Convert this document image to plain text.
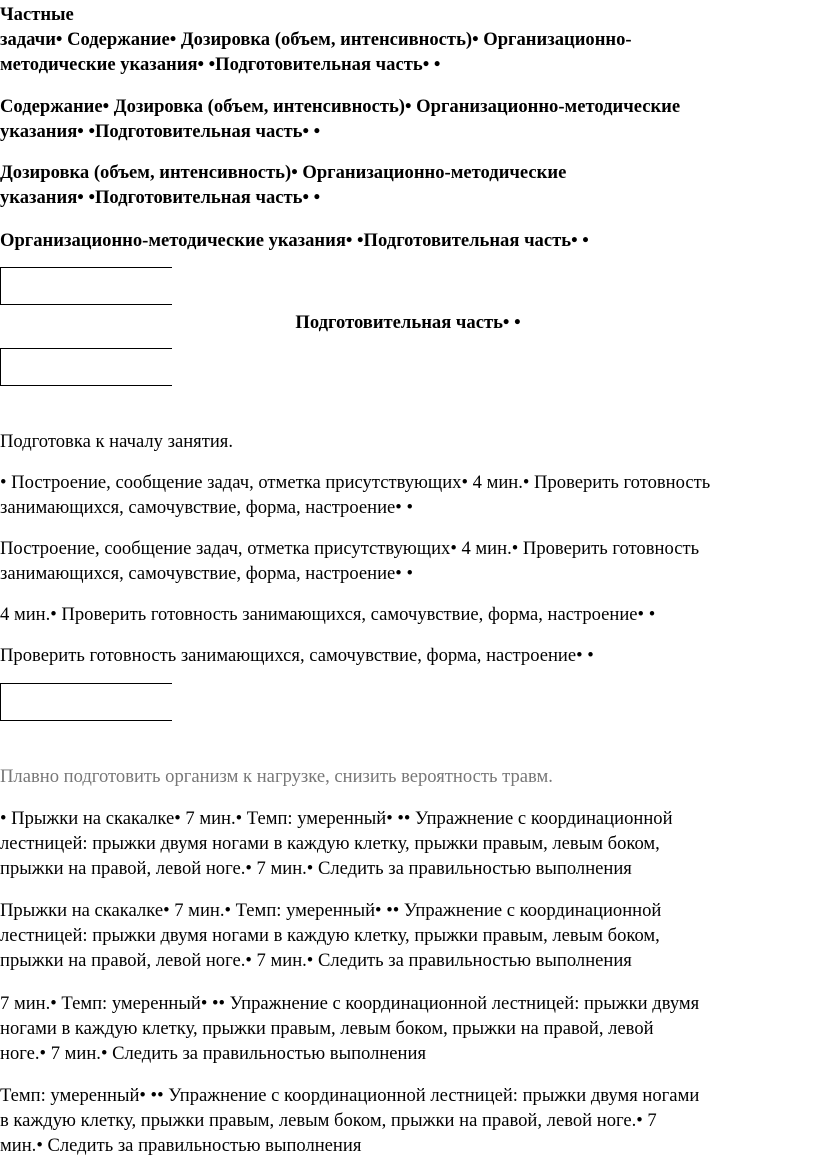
Частные
задачи• Содержание• Дозировка (объем, интенсивность)• Организационно-
методические указания• •Подготовительная часть• •
Содержание• Дозировка (объем, интенсивность)• Организационно-методические
указания• •Подготовительная часть• •
Дозировка (объем, интенсивность)• Организационно-методические
указания• •Подготовительная часть• •
Организационно-методические указания• •Подготовительная часть• •
Подготовительная часть• •
Подготовка к началу занятия.
• Построение, сообщение задач, отметка присутствующих• 4 мин.• Проверить готовность
занимающихся, самочувствие, форма, настроение• •
Построение, сообщение задач, отметка присутствующих• 4 мин.• Проверить готовность
занимающихся, самочувствие, форма, настроение• •
4 мин.• Проверить готовность занимающихся, самочувствие, форма, настроение• •
Проверить готовность занимающихся, самочувствие, форма, настроение• •
Плавно подготовить организм к нагрузке, снизить вероятность травм.
• Прыжки на скакалке• 7 мин.• Темп: умеренный• •• Упражнение с координационной
лестницей: прыжки двумя ногами в каждую клетку, прыжки правым, левым боком,
прыжки на правой, левой ноге.• 7 мин.• Следить за правильностью выполнения
Прыжки на скакалке• 7 мин.• Темп: умеренный• •• Упражнение с координационной
лестницей: прыжки двумя ногами в каждую клетку, прыжки правым, левым боком,
прыжки на правой, левой ноге.• 7 мин.• Следить за правильностью выполнения
7 мин.• Темп: умеренный• •• Упражнение с координационной лестницей: прыжки двумя
ногами в каждую клетку, прыжки правым, левым боком, прыжки на правой, левой
ноге.• 7 мин.• Следить за правильностью выполнения
Темп: умеренный• •• Упражнение с координационной лестницей: прыжки двумя ногами
в каждую клетку, прыжки правым, левым боком, прыжки на правой, левой ноге.• 7
мин.• Следить за правильностью выполнения
